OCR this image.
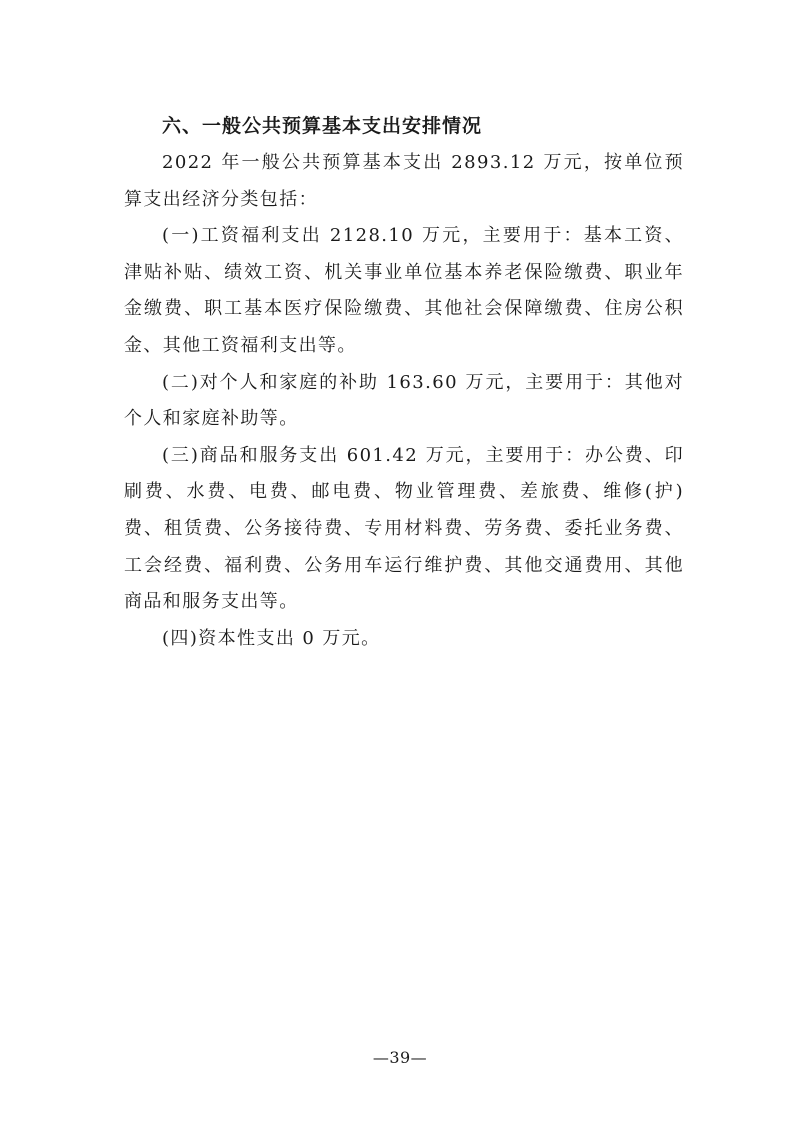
六、一般公共预算基本支出安排情况

2022 年一般公共预算基本支出 2893.12 万元，按单位预算支出经济分类包括：

(一)工资福利支出 2128.10 万元，主要用于：基本工资、津贴补贴、绩效工资、机关事业单位基本养老保险缴费、职业年金缴费、职工基本医疗保险缴费、其他社会保障缴费、住房公积金、其他工资福利支出等。

(二)对个人和家庭的补助 163.60 万元，主要用于：其他对个人和家庭补助等。

(三)商品和服务支出 601.42 万元，主要用于：办公费、印刷费、水费、电费、邮电费、物业管理费、差旅费、维修(护)费、租赁费、公务接待费、专用材料费、劳务费、委托业务费、工会经费、福利费、公务用车运行维护费、其他交通费用、其他商品和服务支出等。

(四)资本性支出 0 万元。

—39—
